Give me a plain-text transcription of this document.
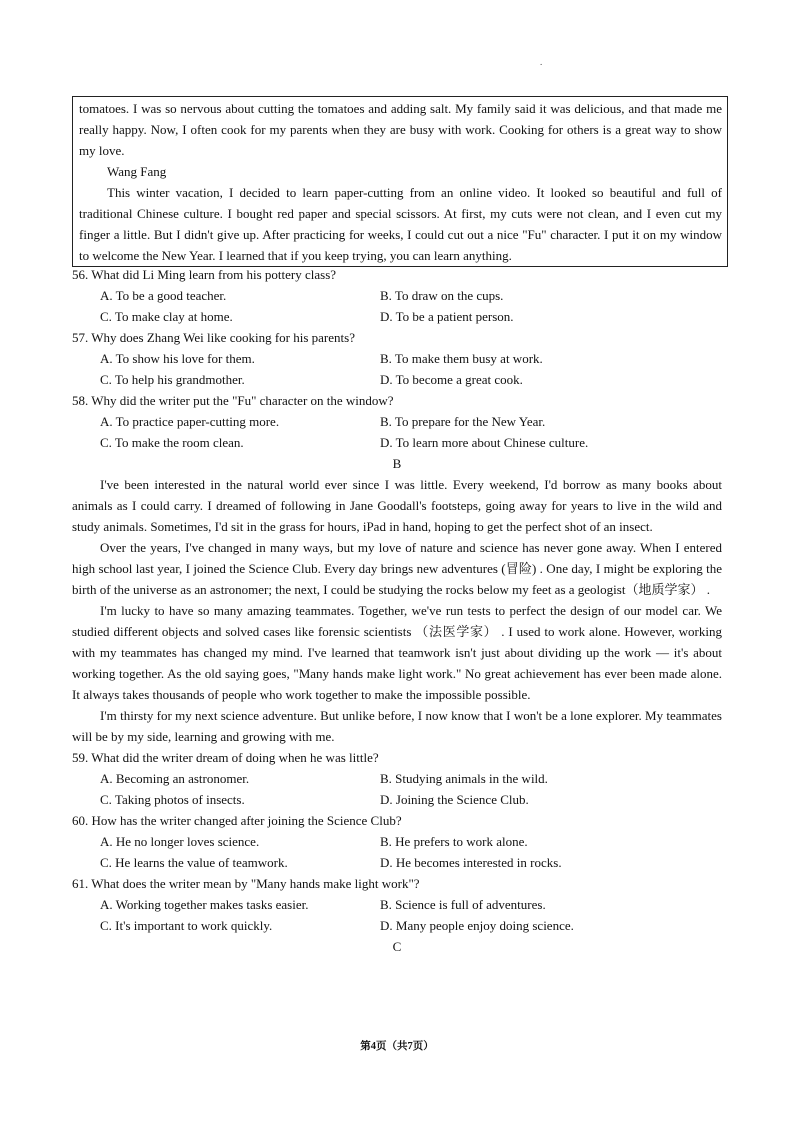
.

tomatoes. I was so nervous about cutting the tomatoes and adding salt. My family said it was delicious, and that made me really happy. Now, I often cook for my parents when they are busy with work. Cooking for others is a great way to show my love.

Wang Fang

This winter vacation, I decided to learn paper-cutting from an online video. It looked so beautiful and full of traditional Chinese culture. I bought red paper and special scissors. At first, my cuts were not clean, and I even cut my finger a little. But I didn't give up. After practicing for weeks, I could cut out a nice "Fu" character. I put it on my window to welcome the New Year. I learned that if you keep trying, you can learn anything.

56. What did Li Ming learn from his pottery class?

A. To be a good teacher.	B. To draw on the cups.
C. To make clay at home.	D. To be a patient person.

57. Why does Zhang Wei like cooking for his parents?

A. To show his love for them.	B. To make them busy at work.
C. To help his grandmother.	D. To become a great cook.

58. Why did the writer put the "Fu" character on the window?

A. To practice paper-cutting more.	B. To prepare for the New Year.
C. To make the room clean.	D. To learn more about Chinese culture.

B

I've been interested in the natural world ever since I was little. Every weekend, I'd borrow as many books about animals as I could carry. I dreamed of following in Jane Goodall's footsteps, going away for years to live in the wild and study animals. Sometimes, I'd sit in the grass for hours, iPad in hand, hoping to get the perfect shot of an insect.

Over the years, I've changed in many ways, but my love of nature and science has never gone away. When I entered high school last year, I joined the Science Club. Every day brings new adventures (冒险) . One day, I might be exploring the birth of the universe as an astronomer; the next, I could be studying the rocks below my feet as a geologist（地质学家） .

I'm lucky to have so many amazing teammates. Together, we've run tests to perfect the design of our model car. We studied different objects and solved cases like forensic scientists （法医学家） . I used to work alone. However, working with my teammates has changed my mind. I've learned that teamwork isn't just about dividing up the work — it's about working together. As the old saying goes, "Many hands make light work." No great achievement has ever been made alone. It always takes thousands of people who work together to make the impossible possible.

I'm thirsty for my next science adventure. But unlike before, I now know that I won't be a lone explorer. My teammates will be by my side, learning and growing with me.

59. What did the writer dream of doing when he was little?

A. Becoming an astronomer.	B. Studying animals in the wild.
C. Taking photos of insects.	D. Joining the Science Club.

60. How has the writer changed after joining the Science Club?

A. He no longer loves science.	B. He prefers to work alone.
C. He learns the value of teamwork.	D. He becomes interested in rocks.

61. What does the writer mean by "Many hands make light work"?

A. Working together makes tasks easier.	B. Science is full of adventures.
C. It's important to work quickly.	D. Many people enjoy doing science.

C

第4页（共7页）
